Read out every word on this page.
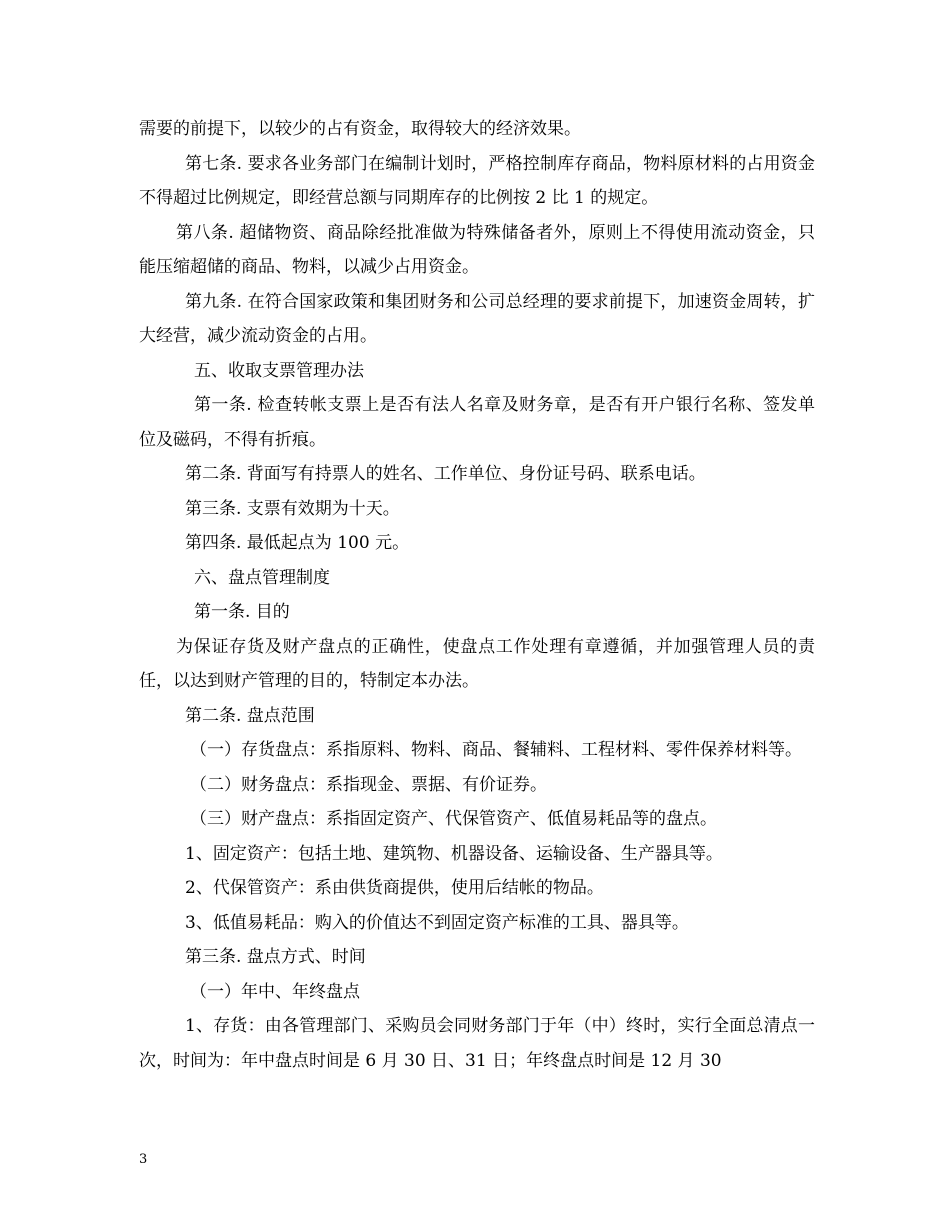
需要的前提下，以较少的占有资金，取得较大的经济效果。

第七条. 要求各业务部门在编制计划时，严格控制库存商品，物料原材料的占用资金不得超过比例规定，即经营总额与同期库存的比例按 2 比 1 的规定。

第八条. 超储物资、商品除经批准做为特殊储备者外，原则上不得使用流动资金，只能压缩超储的商品、物料，以减少占用资金。

第九条. 在符合国家政策和集团财务和公司总经理的要求前提下，加速资金周转，扩大经营，减少流动资金的占用。

五、收取支票管理办法

第一条. 检查转帐支票上是否有法人名章及财务章，是否有开户银行名称、签发单位及磁码，不得有折痕。

第二条. 背面写有持票人的姓名、工作单位、身份证号码、联系电话。

第三条. 支票有效期为十天。

第四条. 最低起点为 100 元。

六、盘点管理制度

第一条. 目的

为保证存货及财产盘点的正确性，使盘点工作处理有章遵循，并加强管理人员的责任，以达到财产管理的目的，特制定本办法。

第二条. 盘点范围

（一）存货盘点：系指原料、物料、商品、餐辅料、工程材料、零件保养材料等。

（二）财务盘点：系指现金、票据、有价证券。

（三）财产盘点：系指固定资产、代保管资产、低值易耗品等的盘点。

1、固定资产：包括土地、建筑物、机器设备、运输设备、生产器具等。

2、代保管资产：系由供货商提供，使用后结帐的物品。

3、低值易耗品：购入的价值达不到固定资产标准的工具、器具等。

第三条. 盘点方式、时间

（一）年中、年终盘点

1、存货：由各管理部门、采购员会同财务部门于年（中）终时，实行全面总清点一次，时间为：年中盘点时间是 6 月 30 日、31 日；年终盘点时间是 12 月 30

3
